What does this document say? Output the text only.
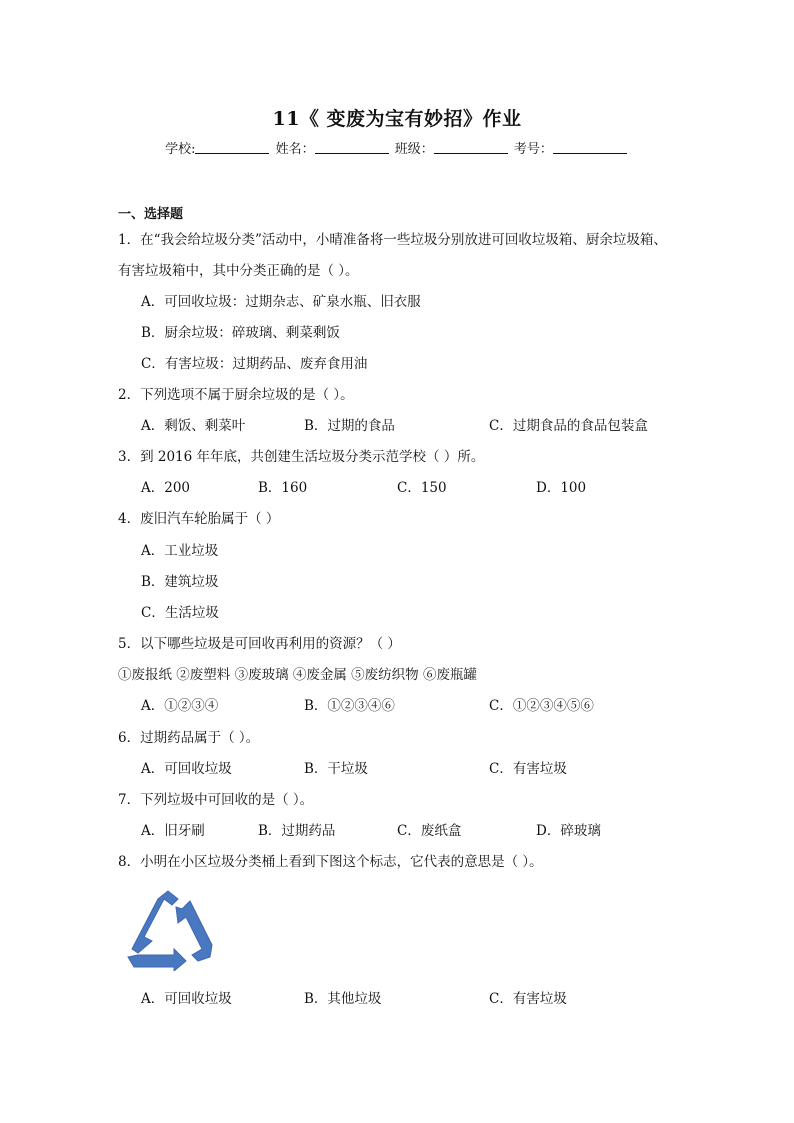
11《 变废为宝有妙招》作业
学校:	姓名：	班级：	考号：
一、选择题
1．在“我会给垃圾分类”活动中，小晴准备将一些垃圾分别放进可回收垃圾箱、厨余垃圾箱、
有害垃圾箱中，其中分类正确的是（ ）。
A．可回收垃圾：过期杂志、矿泉水瓶、旧衣服
B．厨余垃圾：碎玻璃、剩菜剩饭
C．有害垃圾：过期药品、废弃食用油
2．下列选项不属于厨余垃圾的是（ ）。
A．剩饭、剩菜叶	B．过期的食品	C．过期食品的食品包装盒
3．到 2016 年年底，共创建生活垃圾分类示范学校（ ）所。
A．200	B．160	C．150	D．100
4．废旧汽车轮胎属于（ ）
A．工业垃圾
B．建筑垃圾
C．生活垃圾
5．以下哪些垃圾是可回收再利用的资源？（ ）
①废报纸 ②废塑料 ③废玻璃 ④废金属 ⑤废纺织物 ⑥废瓶罐
A．①②③④	B．①②③④⑥	C．①②③④⑤⑥
6．过期药品属于（ ）。
A．可回收垃圾	B．干垃圾	C．有害垃圾
7．下列垃圾中可回收的是（ ）。
A．旧牙刷	B．过期药品	C．废纸盒	D．碎玻璃
8．小明在小区垃圾分类桶上看到下图这个标志，它代表的意思是（ ）。
A．可回收垃圾	B．其他垃圾	C．有害垃圾
